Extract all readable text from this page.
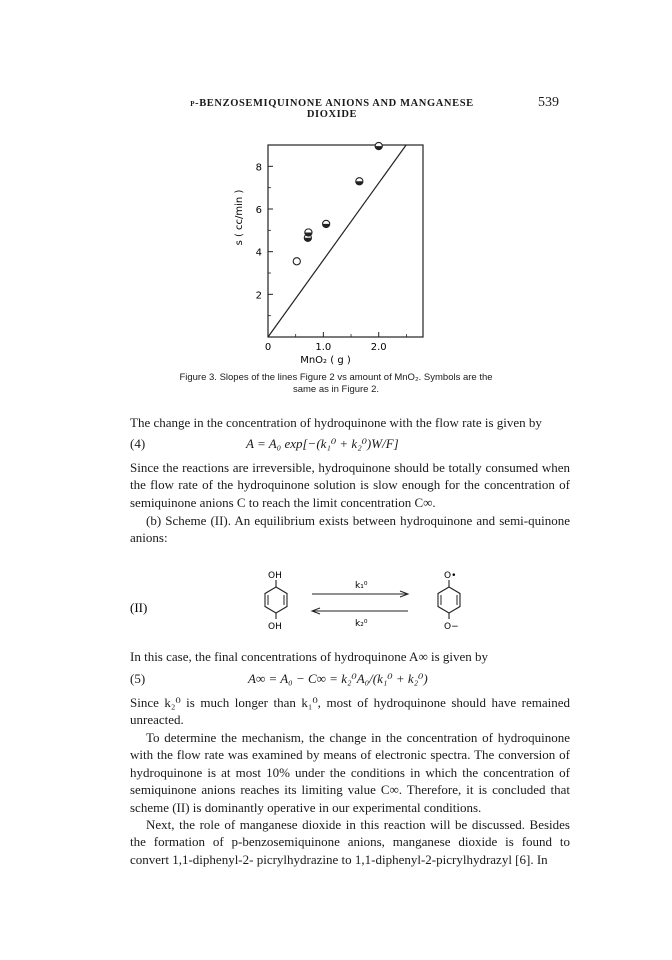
p-BENZOSEMIQUINONE ANIONS AND MANGANESE DIOXIDE
539
2
4
6
8
1.0	2.0
0
MnO₂ ( g )
s ( cc/min )
Figure 3. Slopes of the lines Figure 2 vs amount of MnO₂. Symbols are the
same as in Figure 2.
The change in the concentration of hydroquinone with the flow rate is given by
(4)	A = A₀ exp[−(k₁⁰ + k₂⁰)W/F]
Since the reactions are irreversible, hydroquinone should be totally consumed when the flow rate of the hydroquinone solution is slow enough for the concentration of semiquinone anions C to reach the limit concentration C∞.
(b) Scheme (II). An equilibrium exists between hydroquinone and semi-quinone anions:
(II)
OH
OH
k₁⁰
k₂⁰
O•
O−
In this case, the final concentrations of hydroquinone A∞ is given by
(5)	A∞ = A₀ − C∞ = k₂⁰A₀/(k₁⁰ + k₂⁰)
Since k₂⁰ is much longer than k₁⁰, most of hydroquinone should have remained unreacted.
To determine the mechanism, the change in the concentration of hydroquinone with the flow rate was examined by means of electronic spectra. The conversion of hydroquinone is at most 10% under the conditions in which the concentration of semiquinone anions reaches its limiting value C∞. Therefore, it is concluded that scheme (II) is dominantly operative in our experimental conditions.
Next, the role of manganese dioxide in this reaction will be discussed. Besides the formation of p-benzosemiquinone anions, manganese dioxide is found to convert 1,1-diphenyl-2- picrylhydrazine to 1,1-diphenyl-2-picrylhydrazyl [6]. In
